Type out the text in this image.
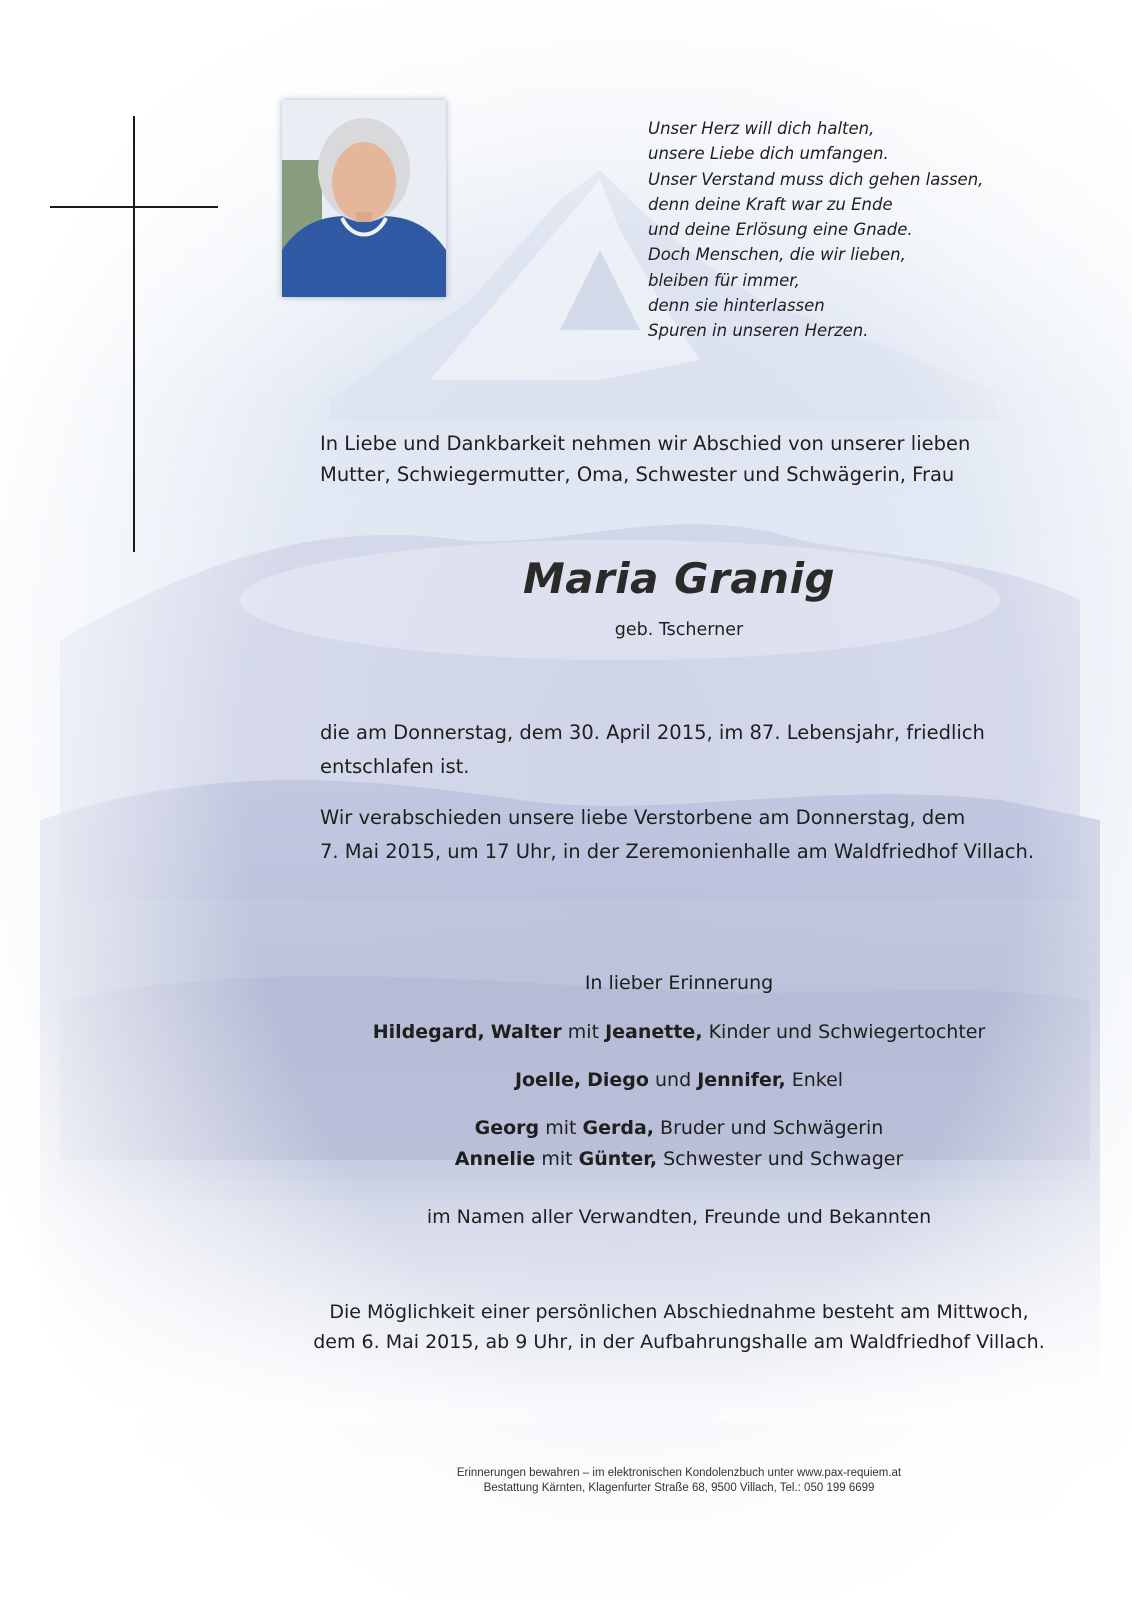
Unser Herz will dich halten,
unsere Liebe dich umfangen.
Unser Verstand muss dich gehen lassen,
denn deine Kraft war zu Ende
und deine Erlösung eine Gnade.
Doch Menschen, die wir lieben,
bleiben für immer,
denn sie hinterlassen
Spuren in unseren Herzen.
In Liebe und Dankbarkeit nehmen wir Abschied von unserer lieben
Mutter, Schwiegermutter, Oma, Schwester und Schwägerin, Frau
Maria Granig
geb. Tscherner
die am Donnerstag, dem 30. April 2015, im 87. Lebensjahr, friedlich
entschlafen ist.
Wir verabschieden unsere liebe Verstorbene am Donnerstag, dem
7. Mai 2015, um 17 Uhr, in der Zeremonienhalle am Waldfriedhof Villach.
In lieber Erinnerung
Hildegard, Walter mit Jeanette, Kinder und Schwiegertochter
Joelle, Diego und Jennifer, Enkel
Georg mit Gerda, Bruder und Schwägerin
Annelie mit Günter, Schwester und Schwager
im Namen aller Verwandten, Freunde und Bekannten
Die Möglichkeit einer persönlichen Abschiednahme besteht am Mittwoch,
dem 6. Mai 2015, ab 9 Uhr, in der Aufbahrungshalle am Waldfriedhof Villach.
Erinnerungen bewahren – im elektronischen Kondolenzbuch unter www.pax-requiem.at
Bestattung Kärnten, Klagenfurter Straße 68, 9500 Villach, Tel.: 050 199 6699
